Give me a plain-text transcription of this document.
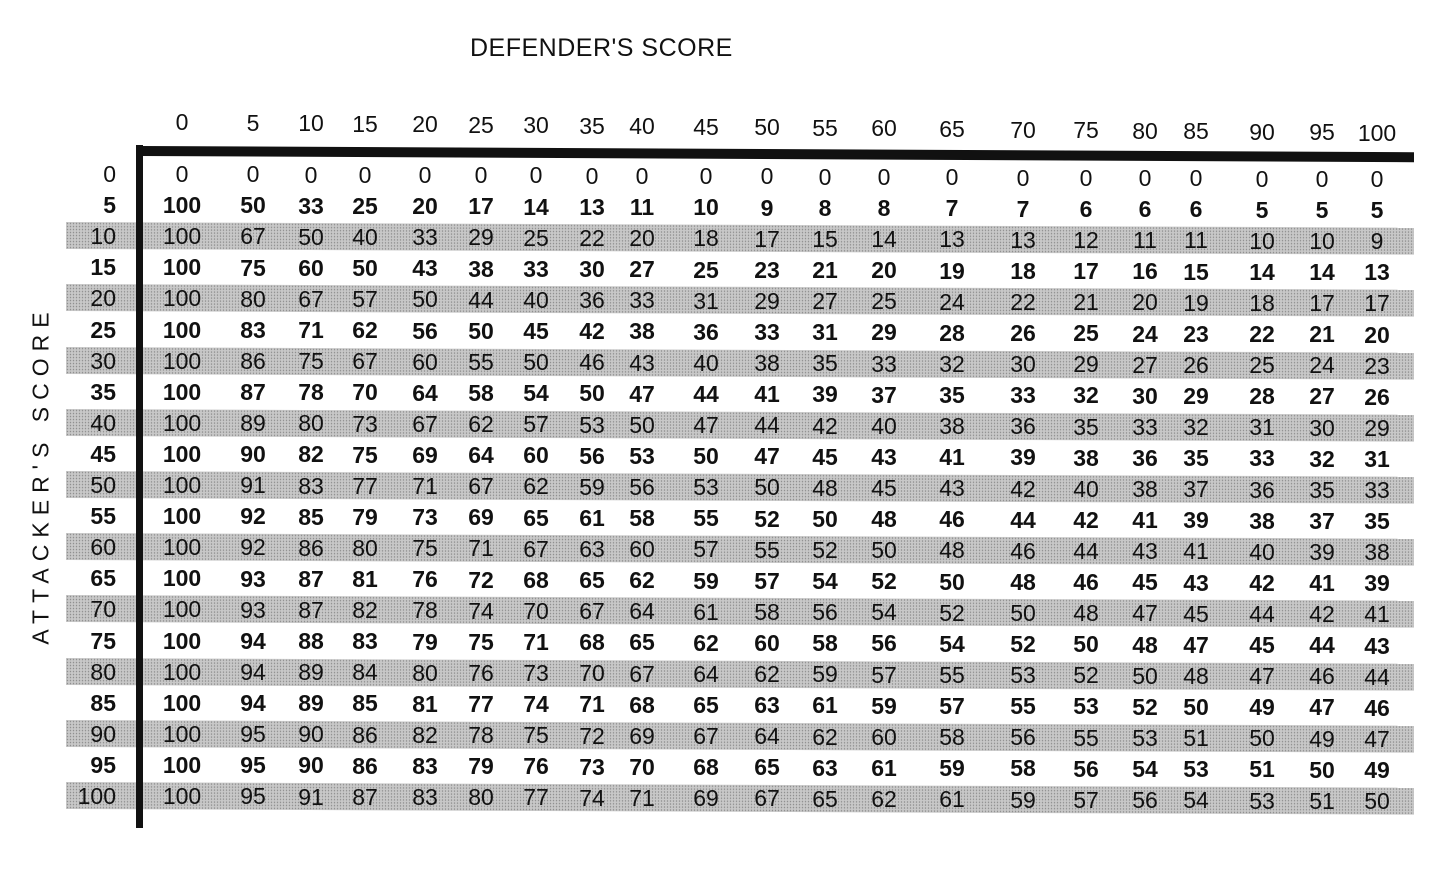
DEFENDER'S SCORE
ATTACKER'S SCORE
0	5 10 15 20 25 30 35 40 45 50 55 60 65 70 75 80 85 90 95 100
0	0	0 0 0 0 0 0 0 0 0 0 0 0 0	0 0 0 0 0 0 0
5 100 50 33 25 20 17 14 13 11 10 9 8 8 7	7 6 6 6 5 5 5
10 100 67 50 40 33 29 25 22 20 18 17 15 14 13 13 12 11 11 10 10 9
15 100 75 60 50 43 38 33 30 27 25 23 21 20 19 18 17 16 15 14 14 13
20 100 80 67 57 50 44 40 36 33 31 29 27 25 24 22 21 20 19 18 17 17
25 100 83 71 62 56 50 45 42 38 36 33 31 29 28 26 25 24 23 22 21 20
30 100 86 75 67 60 55 50 46 43 40 38 35 33 32 30 29 27 26 25 24 23
35 100 87 78 70 64 58 54 50 47 44 41 39 37 35 33 32 30 29 28 27 26
40 100 89 80 73 67 62 57 53 50 47 44 42 40 38 36 35 33 32 31 30 29
45 100 90 82 75 69 64 60 56 53 50 47 45 43 41 39 38 36 35 33 32 31
50 100 91 83 77 71 67 62 59 56 53 50 48 45 43 42 40 38 37 36 35 33
55 100 92 85 79 73 69 65 61 58 55 52 50 48 46 44 42 41 39 38 37 35
60 100 92 86 80 75 71 67 63 60 57 55 52 50 48 46 44 43 41 40 39 38
65 100 93 87 81 76 72 68 65 62 59 57 54 52 50 48 46 45 43 42 41 39
70 100 93 87 82 78 74 70 67 64 61 58 56 54 52 50 48 47 45 44 42 41
75 100 94 88 83 79 75 71 68 65 62 60 58 56 54 52 50 48 47 45 44 43
80 100 94 89 84 80 76 73 70 67 64 62 59 57 55 53 52 50 48 47 46 44
85 100 94 89 85 81 77 74 71 68 65 63 61 59 57 55 53 52 50 49 47 46
90 100 95 90 86 82 78 75 72 69 67 64 62 60 58 56 55 53 51 50 49 47
95 100 95 90 86 83 79 76 73 70 68 65 63 61 59 58 56 54 53 51 50 49
100 100 95 91 87 83 80 77 74 71 69 67 65 62 61 59 57 56 54 53 51 50
